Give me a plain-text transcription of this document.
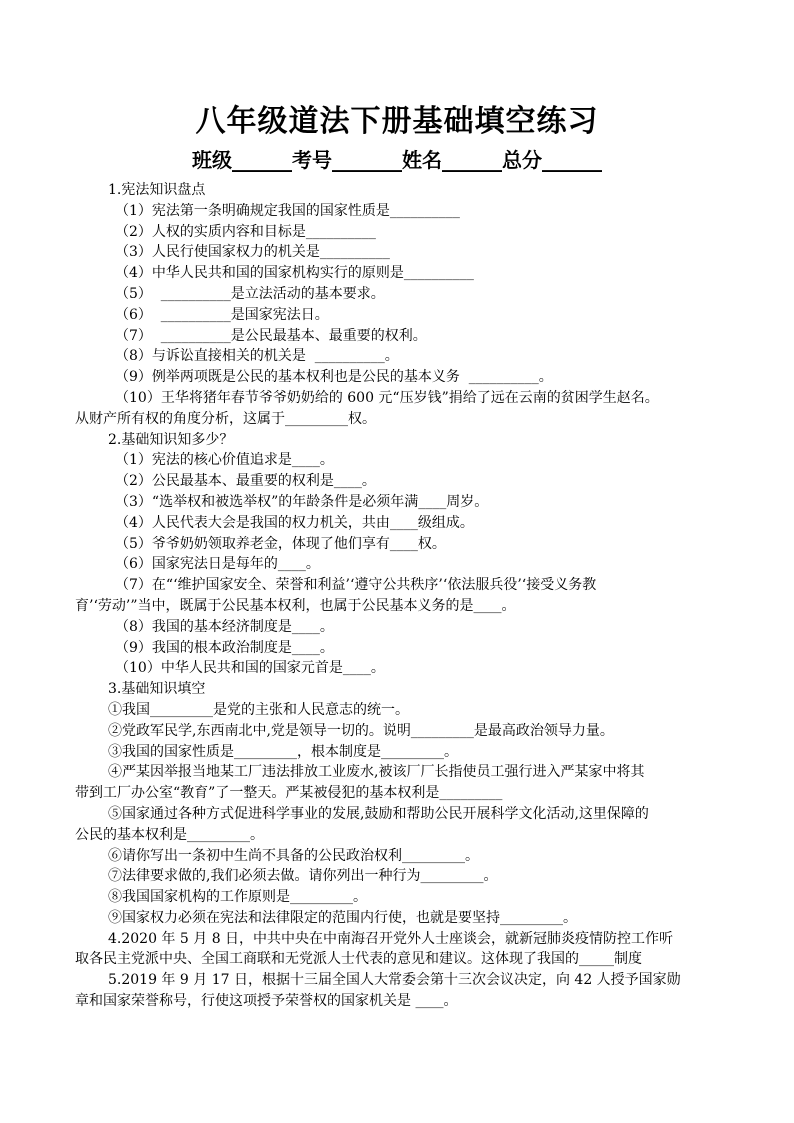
八年级道法下册基础填空练习
班级______考号_______姓名______总分______
1.宪法知识盘点
（1）宪法第一条明确规定我国的国家性质是__________
（2）人权的实质内容和目标是__________
（3）人民行使国家权力的机关是__________
（4）中华人民共和国的国家机构实行的原则是__________
（5）  __________是立法活动的基本要求。
（6）  __________是国家宪法日。
（7）  __________是公民最基本、最重要的权利。
（8）与诉讼直接相关的机关是  __________。
（9）例举两项既是公民的基本权利也是公民的基本义务  __________。
（10）王华将猪年春节爷爷奶奶给的 600 元“压岁钱”捐给了远在云南的贫困学生赵名。
从财产所有权的角度分析，这属于_________权。
2.基础知识知多少？
（1）宪法的核心价值追求是____。
（2）公民最基本、最重要的权利是____。
（3）“选举权和被选举权”的年龄条件是必须年满____周岁。
（4）人民代表大会是我国的权力机关，共由____级组成。
（5）爷爷奶奶领取养老金，体现了他们享有____权。
（6）国家宪法日是每年的____。
（7）在“‘维护国家安全、荣誉和利益’‘遵守公共秩序’‘依法服兵役’‘接受义务教
育’‘劳动’”当中，既属于公民基本权利，也属于公民基本义务的是____。
（8）我国的基本经济制度是____。
（9）我国的根本政治制度是____。
（10）中华人民共和国的国家元首是____。
3.基础知识填空
①我国_________是党的主张和人民意志的统一。
②党政军民学,东西南北中,党是领导一切的。说明_________是最高政治领导力量。
③我国的国家性质是_________，根本制度是_________。
④严某因举报当地某工厂违法排放工业废水,被该厂厂长指使员工强行进入严某家中将其
带到工厂办公室“教育”了一整天。严某被侵犯的基本权利是_________
⑤国家通过各种方式促进科学事业的发展,鼓励和帮助公民开展科学文化活动,这里保障的
公民的基本权利是_________。
⑥请你写出一条初中生尚不具备的公民政治权利_________。
⑦法律要求做的,我们必须去做。请你列出一种行为_________。
⑧我国国家机构的工作原则是_________。
⑨国家权力必须在宪法和法律限定的范围内行使，也就是要坚持_________。
4.2020 年 5 月 8 日，中共中央在中南海召开党外人士座谈会，就新冠肺炎疫情防控工作听
取各民主党派中央、全国工商联和无党派人士代表的意见和建议。这体现了我国的_____制度
5.2019 年 9 月 17 日，根据十三届全国人大常委会第十三次会议决定，向 42 人授予国家勋
章和国家荣誉称号，行使这项授予荣誉权的国家机关是 ____。
